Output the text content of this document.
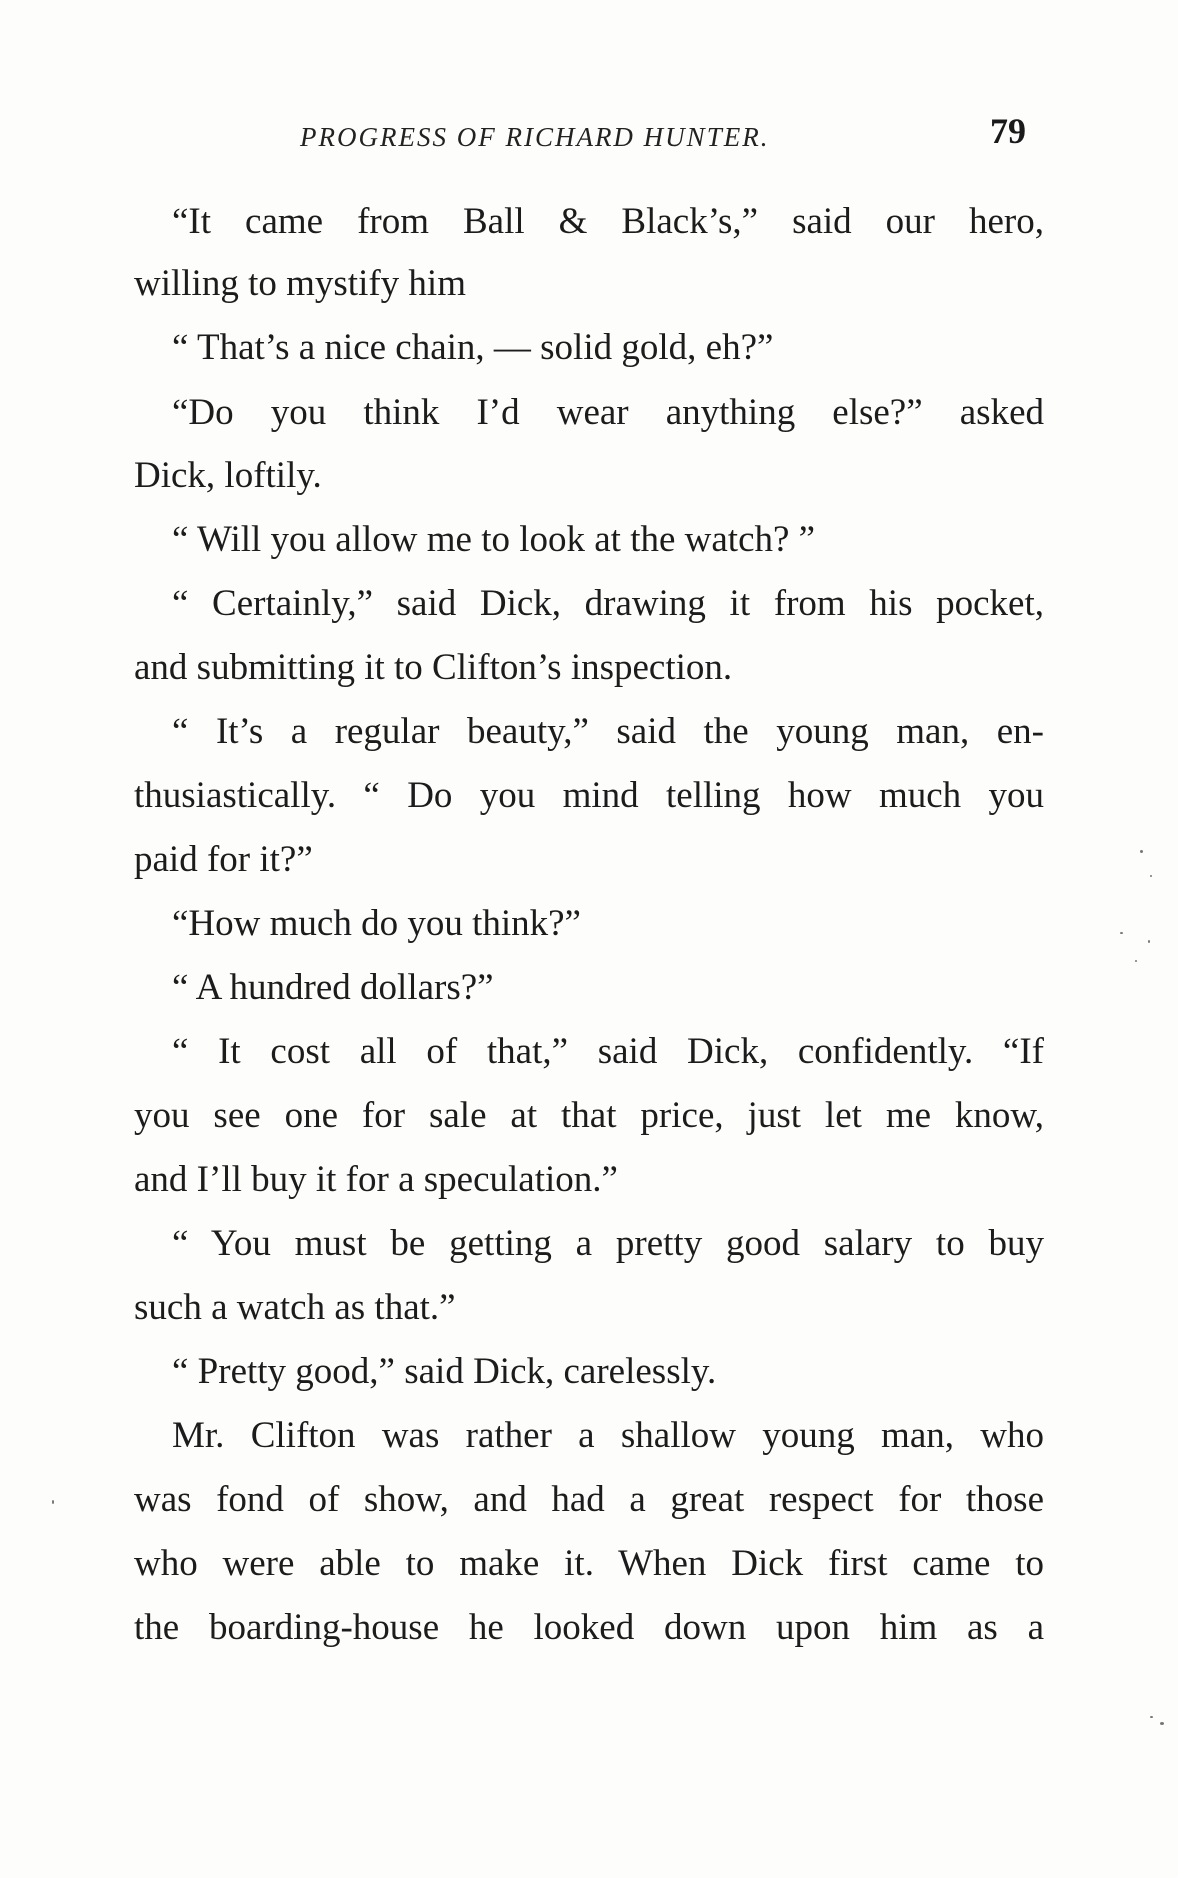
PROGRESS OF RICHARD HUNTER.	79
“It came from Ball & Black’s,” said our hero,
willing to mystify him
“ That’s a nice chain, — solid gold, eh?”
“Do you think I’d wear anything else?” asked
Dick, loftily.
“ Will you allow me to look at the watch? ”
“ Certainly,” said Dick, drawing it from his pocket,
and submitting it to Clifton’s inspection.
“ It’s a regular beauty,” said the young man, en-
thusiastically. “ Do you mind telling how much you
paid for it?”
“How much do you think?”
“ A hundred dollars?”
“ It cost all of that,” said Dick, confidently. “If
you see one for sale at that price, just let me know,
and I’ll buy it for a speculation.”
“ You must be getting a pretty good salary to buy
such a watch as that.”
“ Pretty good,” said Dick, carelessly.
Mr. Clifton was rather a shallow young man, who
was fond of show, and had a great respect for those
who were able to make it. When Dick first came to
the boarding-house he looked down upon him as a
